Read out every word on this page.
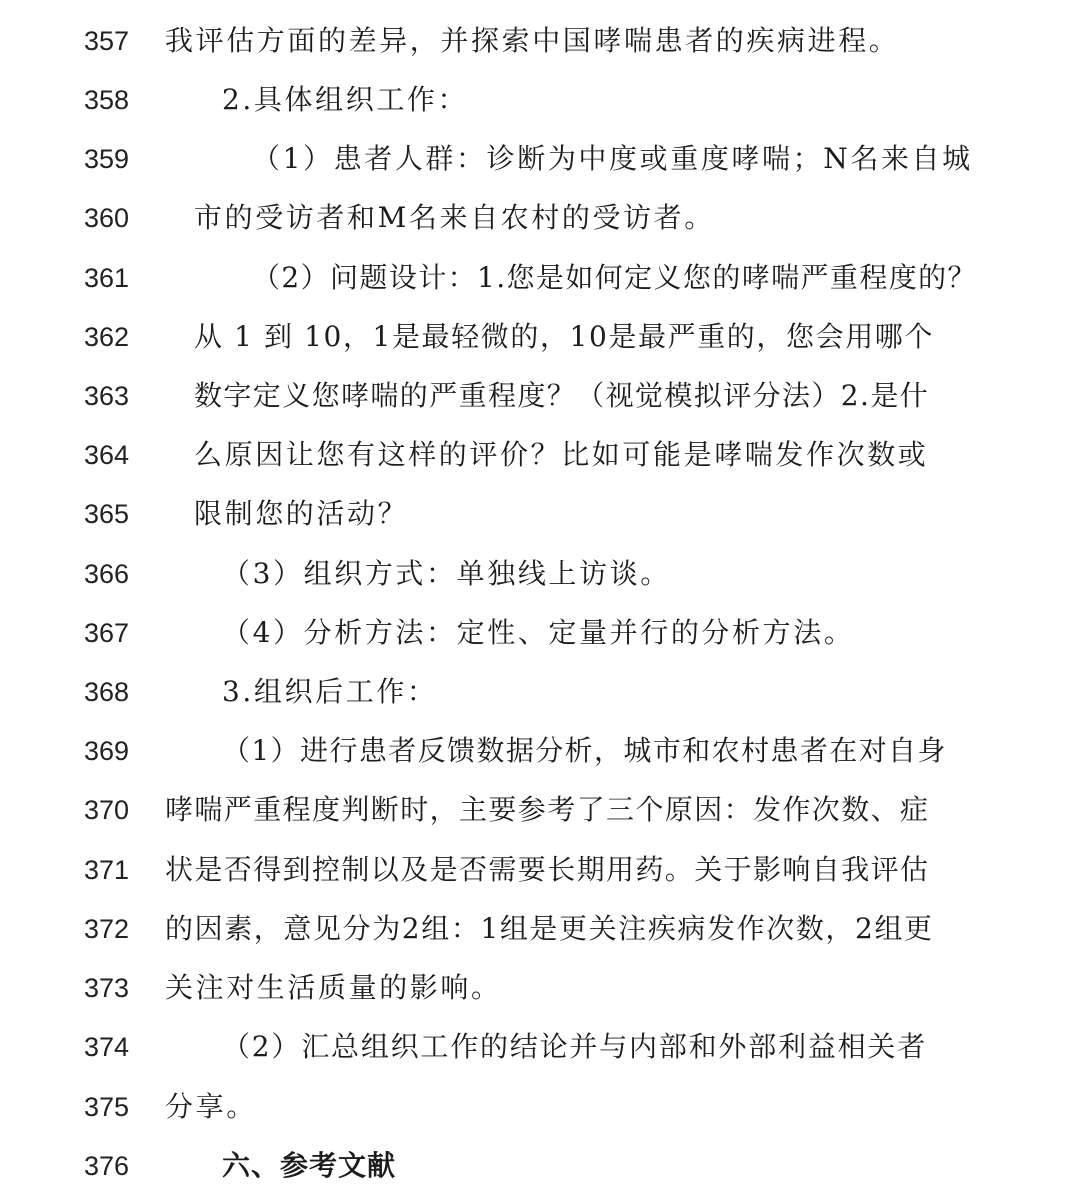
357 我评估方面的差异，并探索中国哮喘患者的疾病进程。
358	2.具体组织工作：
359	（1）患者人群：诊断为中度或重度哮喘；N名来自城
360 市的受访者和M名来自农村的受访者。
361	（2）问题设计：1.您是如何定义您的哮喘严重程度的？
362 从 1 到 10，1是最轻微的，10是最严重的，您会用哪个
363 数字定义您哮喘的严重程度？（视觉模拟评分法）2.是什
364 么原因让您有这样的评价？比如可能是哮喘发作次数或
365 限制您的活动？
366	（3）组织方式：单独线上访谈。
367	（4）分析方法：定性、定量并行的分析方法。
368	3.组织后工作：
369	（1）进行患者反馈数据分析，城市和农村患者在对自身
370 哮喘严重程度判断时，主要参考了三个原因：发作次数、症
371 状是否得到控制以及是否需要长期用药。关于影响自我评估
372 的因素，意见分为2组：1组是更关注疾病发作次数，2组更
373 关注对生活质量的影响。
374	（2）汇总组织工作的结论并与内部和外部利益相关者
375 分享。
376	六、参考文献
